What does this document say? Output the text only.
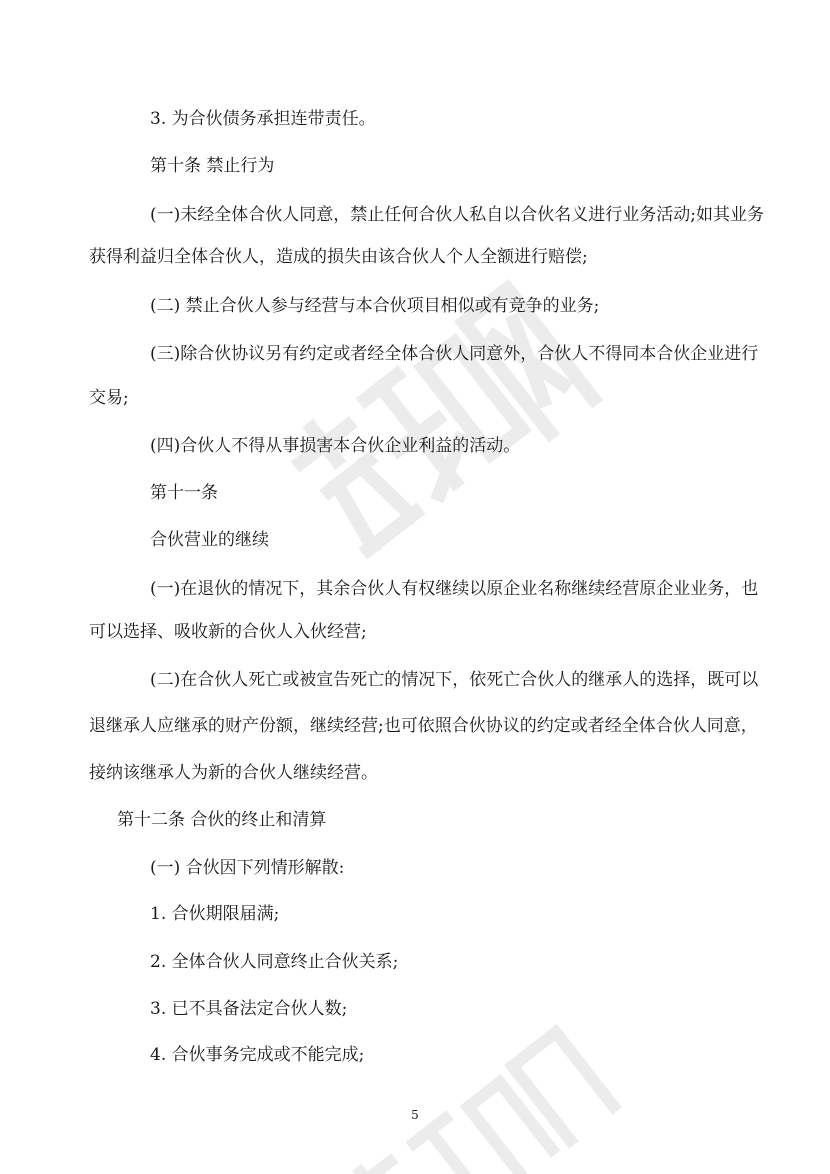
3. 为合伙债务承担连带责任。
第十条 禁止行为
(一)未经全体合伙人同意，禁止任何合伙人私自以合伙名义进行业务活动;如其业务
获得利益归全体合伙人，造成的损失由该合伙人个人全额进行赔偿;
(二) 禁止合伙人参与经营与本合伙项目相似或有竞争的业务;
(三)除合伙协议另有约定或者经全体合伙人同意外，合伙人不得同本合伙企业进行
交易;
(四)合伙人不得从事损害本合伙企业利益的活动。
第十一条
合伙营业的继续
(一)在退伙的情况下，其余合伙人有权继续以原企业名称继续经营原企业业务，也
可以选择、吸收新的合伙人入伙经营;
(二)在合伙人死亡或被宣告死亡的情况下，依死亡合伙人的继承人的选择，既可以
退继承人应继承的财产份额，继续经营;也可依照合伙协议的约定或者经全体合伙人同意，
接纳该继承人为新的合伙人继续经营。
第十二条 合伙的终止和清算
(一) 合伙因下列情形解散:
1. 合伙期限届满;
2. 全体合伙人同意终止合伙关系;
3. 已不具备法定合伙人数;
4. 合伙事务完成或不能完成;
5
